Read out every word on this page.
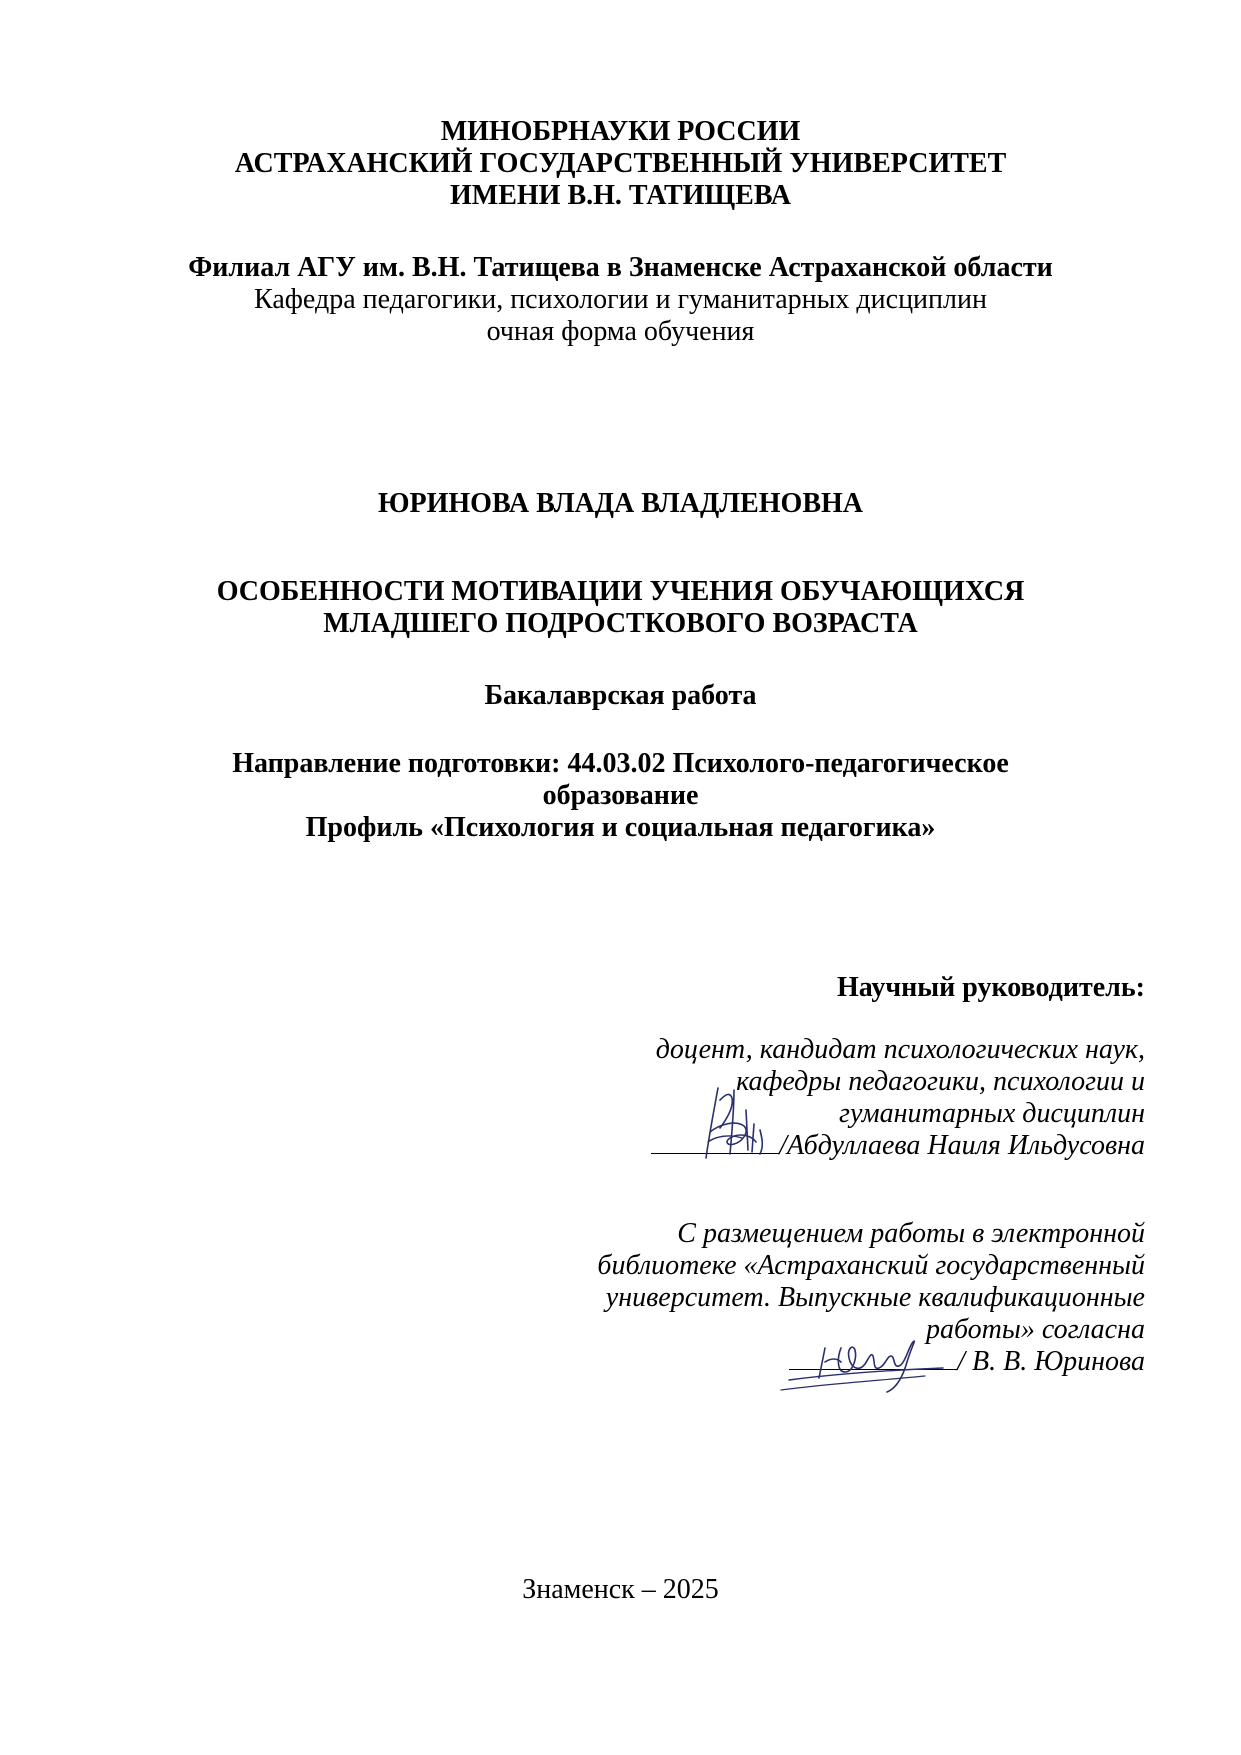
МИНОБРНАУКИ РОССИИ
АСТРАХАНСКИЙ ГОСУДАРСТВЕННЫЙ УНИВЕРСИТЕТ
ИМЕНИ В.Н. ТАТИЩЕВА
Филиал АГУ им. В.Н. Татищева в Знаменске Астраханской области
Кафедра педагогики, психологии и гуманитарных дисциплин
очная форма обучения
ЮРИНОВА ВЛАДА ВЛАДЛЕНОВНА
ОСОБЕННОСТИ МОТИВАЦИИ УЧЕНИЯ ОБУЧАЮЩИХСЯ
МЛАДШЕГО ПОДРОСТКОВОГО ВОЗРАСТА
Бакалаврская работа
Направление подготовки: 44.03.02 Психолого-педагогическое
образование
Профиль «Психология и социальная педагогика»
Научный руководитель:
доцент, кандидат психологических наук,
кафедры педагогики, психологии и
гуманитарных дисциплин
/Абдуллаева Наиля Ильдусовна
С размещением работы в электронной
библиотеке «Астраханский государственный
университет. Выпускные квалификационные
работы» согласна
/ В. В. Юринова
Знаменск – 2025
